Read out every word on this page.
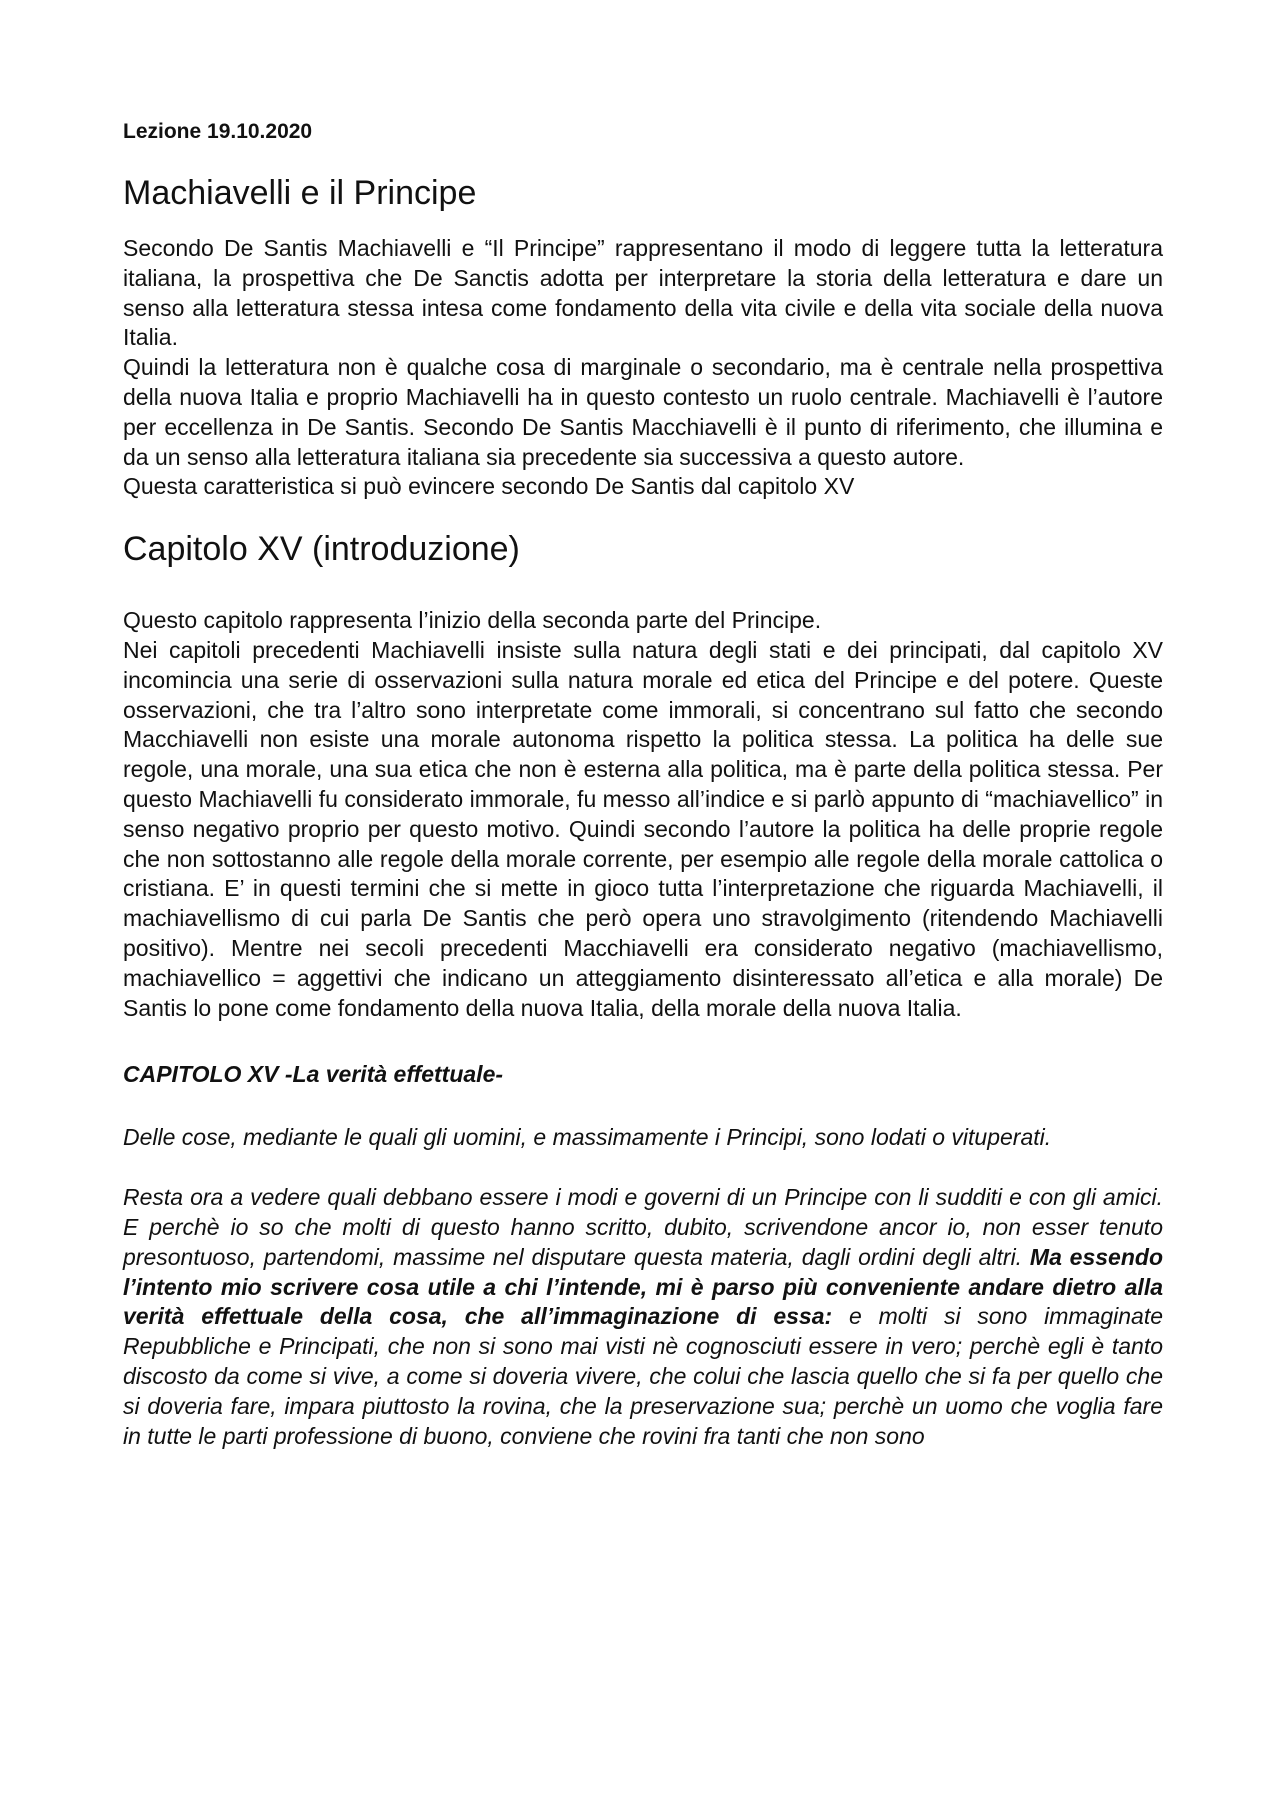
Lezione 19.10.2020
Machiavelli e il Principe

Secondo De Santis Machiavelli e “Il Principe” rappresentano il modo di leggere tutta la letteratura italiana, la prospettiva che De Sanctis adotta per interpretare la storia della letteratura e dare un senso alla letteratura stessa intesa come fondamento della vita civile e della vita sociale della nuova Italia.

Quindi la letteratura non è qualche cosa di marginale o secondario, ma è centrale nella prospettiva della nuova Italia e proprio Machiavelli ha in questo contesto un ruolo centrale. Machiavelli è l’autore per eccellenza in De Santis. Secondo De Santis Macchiavelli è il punto di riferimento, che illumina e da un senso alla letteratura italiana sia precedente sia successiva a questo autore.

Questa caratteristica si può evincere secondo De Santis dal capitolo XV

Capitolo XV (introduzione)

Questo capitolo rappresenta l’inizio della seconda parte del Principe.

Nei capitoli precedenti Machiavelli insiste sulla natura degli stati e dei principati, dal capitolo XV incomincia una serie di osservazioni sulla natura morale ed etica del Principe e del potere. Queste osservazioni, che tra l’altro sono interpretate come immorali, si concentrano sul fatto che secondo Macchiavelli non esiste una morale autonoma rispetto la politica stessa. La politica ha delle sue regole, una morale, una sua etica che non è esterna alla politica, ma è parte della politica stessa. Per questo Machiavelli fu considerato immorale, fu messo all’indice e si parlò appunto di “machiavellico” in senso negativo proprio per questo motivo. Quindi secondo l’autore la politica ha delle proprie regole che non sottostanno alle regole della morale corrente, per esempio alle regole della morale cattolica o cristiana. E’ in questi termini che si mette in gioco tutta l’interpretazione che riguarda Machiavelli, il machiavellismo di cui parla De Santis che però opera uno stravolgimento (ritendendo Machiavelli positivo). Mentre nei secoli precedenti Macchiavelli era considerato negativo (machiavellismo, machiavellico = aggettivi che indicano un atteggiamento disinteressato all’etica e alla morale) De Santis lo pone come fondamento della nuova Italia, della morale della nuova Italia.

CAPITOLO XV -La verità effettuale-

Delle cose, mediante le quali gli uomini, e massimamente i Principi, sono lodati o vituperati.

Resta ora a vedere quali debbano essere i modi e governi di un Principe con li sudditi e con gli amici. E perchè io so che molti di questo hanno scritto, dubito, scrivendone ancor io, non esser tenuto presontuoso, partendomi, massime nel disputare questa materia, dagli ordini degli altri. Ma essendo l’intento mio scrivere cosa utile a chi l’intende, mi è parso più conveniente andare dietro alla verità effettuale della cosa, che all’immaginazione di essa: e molti si sono immaginate Repubbliche e Principati, che non si sono mai visti nè cognosciuti essere in vero; perchè egli è tanto discosto da come si vive, a come si doveria vivere, che colui che lascia quello che si fa per quello che si doveria fare, impara piuttosto la rovina, che la preservazione sua; perchè un uomo che voglia fare in tutte le parti professione di buono, conviene che rovini fra tanti che non sono
